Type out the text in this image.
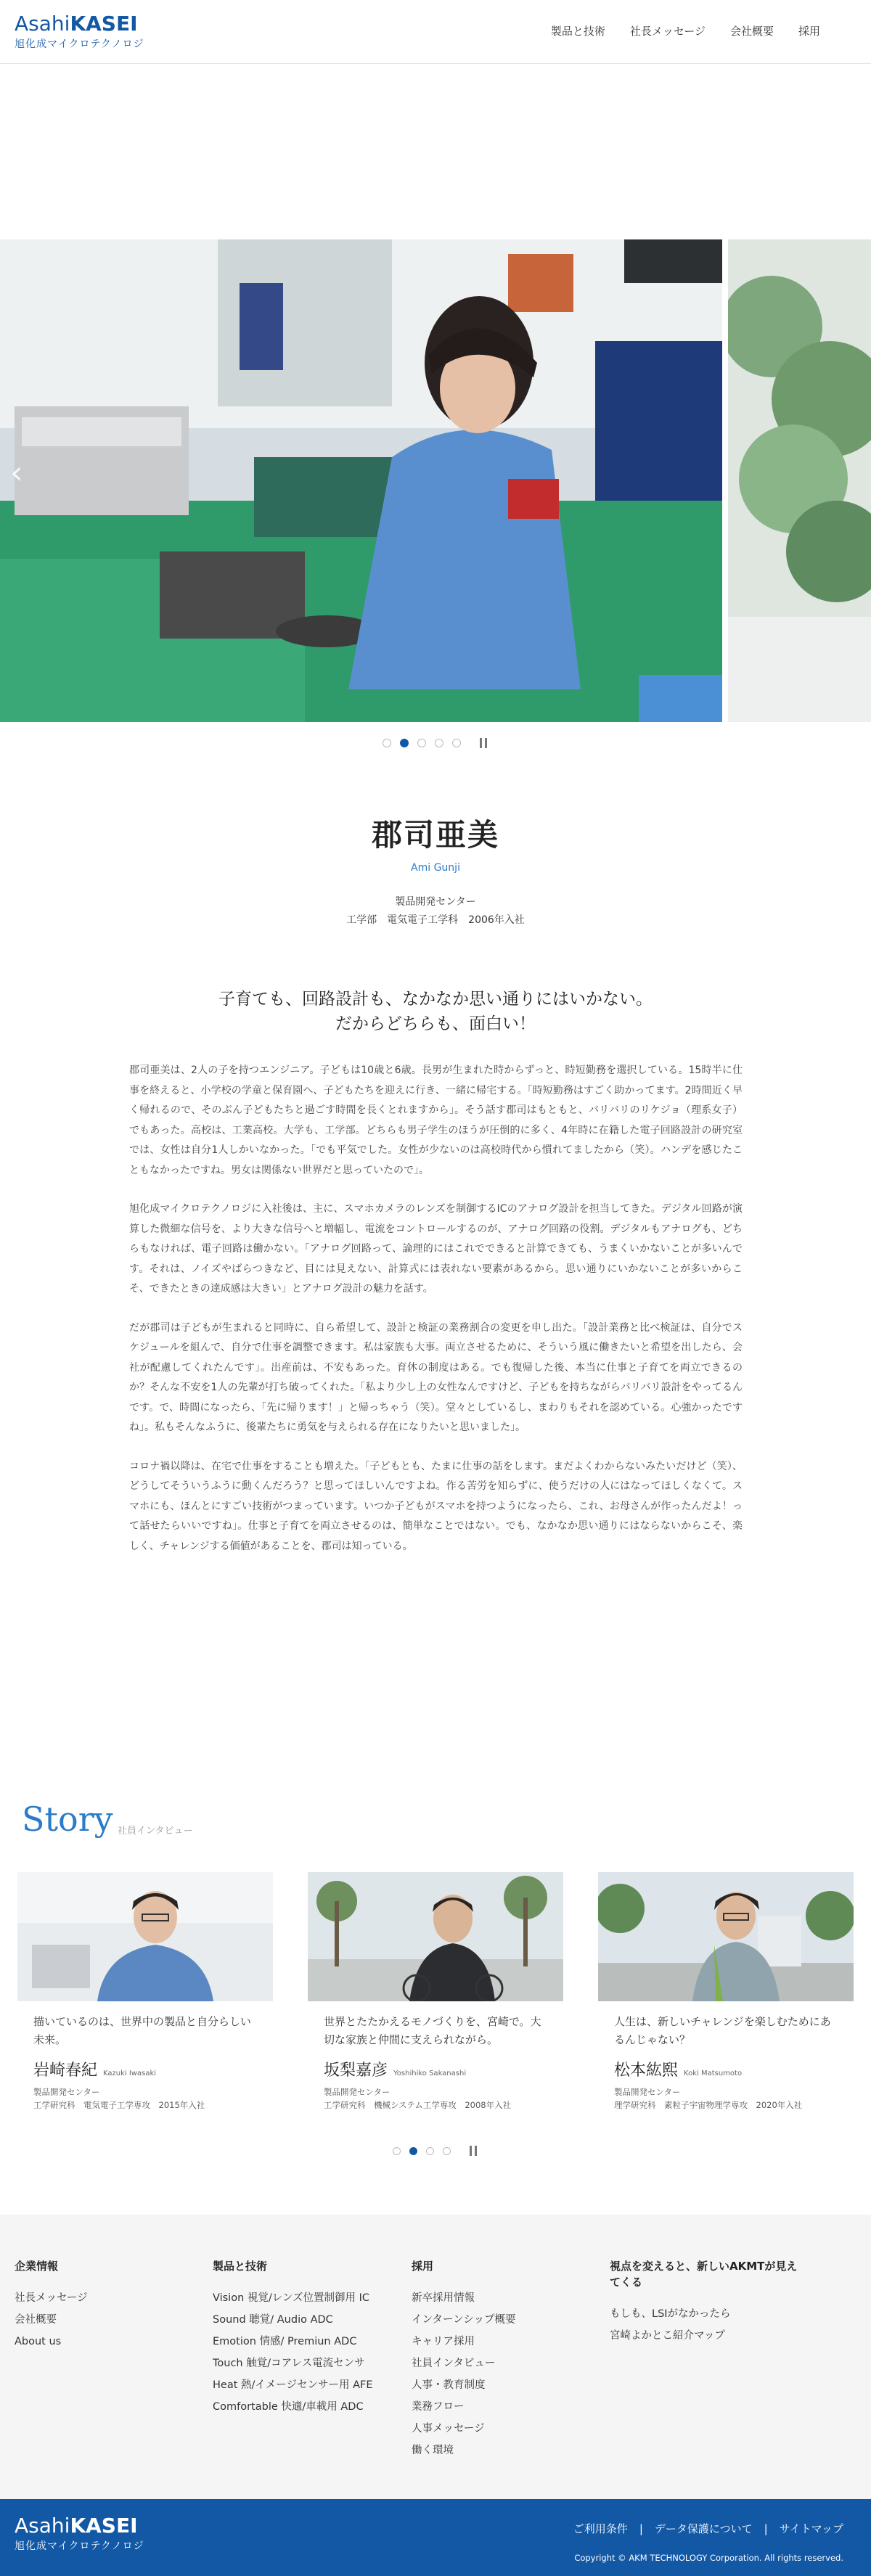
AsahiKASEI
旭化成マイクロテクノロジ
製品と技術 社長メッセージ 会社概要 採用
‹
郡司亜美
Ami Gunji
製品開発センター
工学部　電気電子工学科　2006年入社
子育ても、回路設計も、なかなか思い通りにはいかない。
だからどちらも、面白い！

郡司亜美は、2人の子を持つエンジニア。子どもは10歳と6歳。長男が生まれた時からずっと、時短勤務を選択している。15時半に仕事を終えると、小学校の学童と保育園へ、子どもたちを迎えに行き、一緒に帰宅する。「時短勤務はすごく助かってます。2時間近く早く帰れるので、そのぶん子どもたちと過ごす時間を長くとれますから」。そう話す郡司はもともと、バリバリのリケジョ（理系女子）でもあった。高校は、工業高校。大学も、工学部。どちらも男子学生のほうが圧倒的に多く、4年時に在籍した電子回路設計の研究室では、女性は自分1人しかいなかった。「でも平気でした。女性が少ないのは高校時代から慣れてましたから（笑）。ハンデを感じたこともなかったですね。男女は関係ない世界だと思っていたので」。

旭化成マイクロテクノロジに入社後は、主に、スマホカメラのレンズを制御するICのアナログ設計を担当してきた。デジタル回路が演算した微細な信号を、より大きな信号へと増幅し、電流をコントロールするのが、アナログ回路の役割。デジタルもアナログも、どちらもなければ、電子回路は働かない。「アナログ回路って、論理的にはこれでできると計算できても、うまくいかないことが多いんです。それは、ノイズやばらつきなど、目には見えない、計算式には表れない要素があるから。思い通りにいかないことが多いからこそ、できたときの達成感は大きい」とアナログ設計の魅力を話す。

だが郡司は子どもが生まれると同時に、自ら希望して、設計と検証の業務割合の変更を申し出た。「設計業務と比べ検証は、自分でスケジュールを組んで、自分で仕事を調整できます。私は家族も大事。両立させるために、そういう風に働きたいと希望を出したら、会社が配慮してくれたんです」。出産前は、不安もあった。育休の制度はある。でも復帰した後、本当に仕事と子育てを両立できるのか？そんな不安を1人の先輩が打ち破ってくれた。「私より少し上の女性なんですけど、子どもを持ちながらバリバリ設計をやってるんです。で、時間になったら、「先に帰ります！」と帰っちゃう（笑）。堂々としているし、まわりもそれを認めている。心強かったですね」。私もそんなふうに、後輩たちに勇気を与えられる存在になりたいと思いました」。

コロナ禍以降は、在宅で仕事をすることも増えた。「子どもとも、たまに仕事の話をします。まだよくわからないみたいだけど（笑）、どうしてそういうふうに動くんだろう？と思ってほしいんですよね。作る苦労を知らずに、使うだけの人にはなってほしくなくて。スマホにも、ほんとにすごい技術がつまっています。いつか子どもがスマホを持つようになったら、これ、お母さんが作ったんだよ！って話せたらいいですね」。仕事と子育てを両立させるのは、簡単なことではない。でも、なかなか思い通りにはならないからこそ、楽しく、チャレンジする価値があることを、郡司は知っている。

Story 社員インタビュー
描いているのは、世界中の製品と自分らしい未来。
岩崎春紀 Kazuki Iwasaki
製品開発センター
工学研究科　電気電子工学専攻　2015年入社
世界とたたかえるモノづくりを、宮崎で。大切な家族と仲間に支えられながら。
坂梨嘉彦 Yoshihiko Sakanashi
製品開発センター
工学研究科　機械システム工学専攻　2008年入社
人生は、新しいチャレンジを楽しむためにあるんじゃない？
松本紘熙 Koki Matsumoto
製品開発センター
理学研究科　素粒子宇宙物理学専攻　2020年入社
企業情報
社長メッセージ
会社概要
About us
製品と技術
Vision 視覚/レンズ位置制御用 IC
Sound 聴覚/ Audio ADC
Emotion 情感/ Premiun ADC
Touch 触覚/コアレス電流センサ
Heat 熱/イメージセンサー用 AFE
Comfortable 快適/車載用 ADC
採用
新卒採用情報
インターンシップ概要
キャリア採用
社員インタビュー
人事・教育制度
業務フロー
人事メッセージ
働く環境
視点を変えると、新しいAKMTが見えてくる
もしも、LSIがなかったら
宮崎よかとこ紹介マップ
AsahiKASEI
旭化成マイクロテクノロジ
ご利用条件 | データ保護について | サイトマップ
Copyright © AKM TECHNOLOGY Corporation. All rights reserved.
